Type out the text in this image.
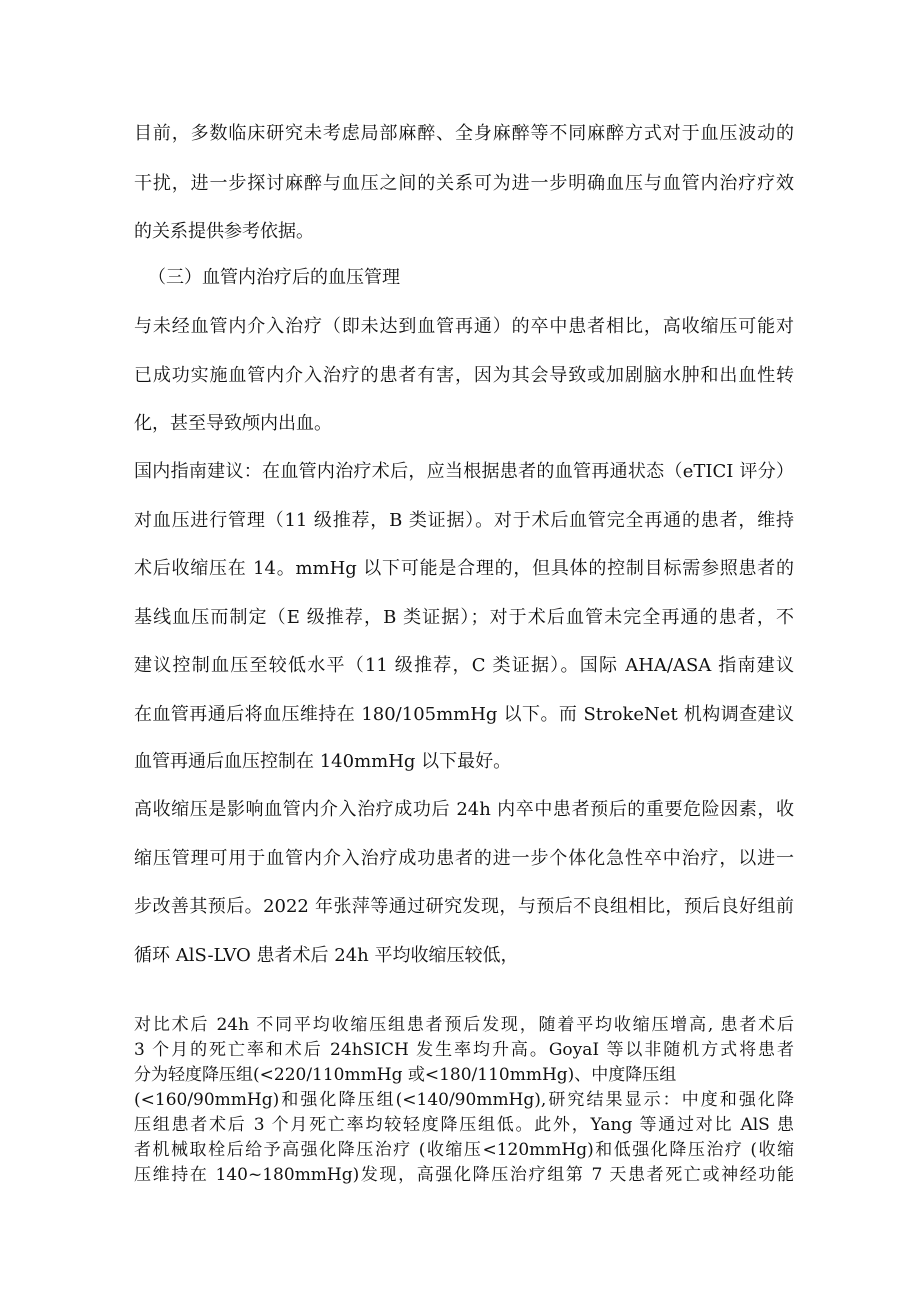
目前，多数临床研究未考虑局部麻醉、全身麻醉等不同麻醉方式对于血压波动的
干扰，进一步探讨麻醉与血压之间的关系可为进一步明确血压与血管内治疗疗效
的关系提供参考依据。
（三）血管内治疗后的血压管理
与未经血管内介入治疗（即未达到血管再通）的卒中患者相比，高收缩压可能对
已成功实施血管内介入治疗的患者有害，因为其会导致或加剧脑水肿和出血性转
化，甚至导致颅内出血。
国内指南建议：在血管内治疗术后，应当根据患者的血管再通状态（eTICI 评分）
对血压进行管理（11 级推荐，B 类证据）。对于术后血管完全再通的患者，维持
术后收缩压在 14。mmHg 以下可能是合理的，但具体的控制目标需参照患者的
基线血压而制定（E 级推荐，B 类证据）；对于术后血管未完全再通的患者，不
建议控制血压至较低水平（11 级推荐，C 类证据）。国际 AHA/ASA 指南建议
在血管再通后将血压维持在 180/105mmHg 以下。而 StrokeNet 机构调查建议
血管再通后血压控制在 140mmHg 以下最好。
高收缩压是影响血管内介入治疗成功后 24h 内卒中患者预后的重要危险因素，收
缩压管理可用于血管内介入治疗成功患者的进一步个体化急性卒中治疗，以进一
步改善其预后。2022 年张萍等通过研究发现，与预后不良组相比，预后良好组前
循环 AlS-LVO 患者术后 24h 平均收缩压较低，
对比术后 24h 不同平均收缩压组患者预后发现，随着平均收缩压增高, 患者术后
3 个月的死亡率和术后 24hSICH 发生率均升高。GoyaI 等以非随机方式将患者
分为轻度降压组(<220/110mmHg 或<180/110mmHg)、中度降压组
(<160/90mmHg)和强化降压组(<140/90mmHg),研究结果显示：中度和强化降
压组患者术后 3 个月死亡率均较轻度降压组低。此外，Yang 等通过对比 AlS 患
者机械取栓后给予高强化降压治疗 (收缩压<120mmHg)和低强化降压治疗 (收缩
压维持在 140~180mmHg)发现，高强化降压治疗组第 7 天患者死亡或神经功能
